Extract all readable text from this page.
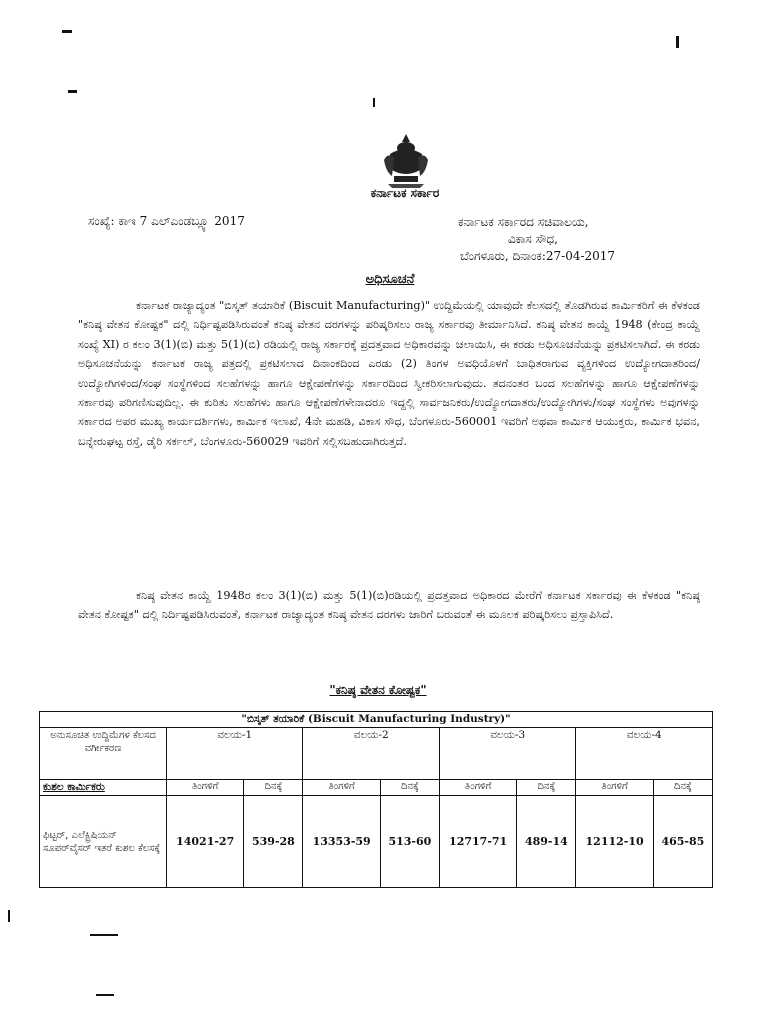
ಕರ್ನಾಟಕ ಸರ್ಕಾರ
ಸಂಖ್ಯೆ: ಕಾಇ 7 ಎಲ್‌ಎಂಡಬ್ಲ್ಯೂ 2017	ಕರ್ನಾಟಕ ಸರ್ಕಾರದ ಸಚಿವಾಲಯ,
ವಿಕಾಸ ಸೌಧ,
ಬೆಂಗಳೂರು, ದಿನಾಂಕ:27-04-2017
ಅಧಿಸೂಚನೆ
ಕರ್ನಾಟಕ ರಾಜ್ಯಾದ್ಯಂತ "ಬಿಸ್ಕತ್ ತಯಾರಿಕೆ (Biscuit Manufacturing)" ಉದ್ದಿಮೆಯಲ್ಲಿ ಯಾವುದೇ ಕೆಲಸದಲ್ಲಿ ತೊಡಗಿರುವ ಕಾರ್ಮಿಕರಿಗೆ ಈ ಕೆಳಕಂಡ "ಕನಿಷ್ಠ ವೇತನ ಕೋಷ್ಟಕ" ದಲ್ಲಿ ನಿರ್ಧಿಷ್ಟಪಡಿಸಿರುವಂತೆ ಕನಿಷ್ಠ ವೇತನ ದರಗಳನ್ನು ಪರಿಷ್ಕರಿಸಲು ರಾಜ್ಯ ಸರ್ಕಾರವು ತೀರ್ಮಾನಿಸಿದೆ. ಕನಿಷ್ಠ ವೇತನ ಕಾಯ್ದೆ 1948 (ಕೇಂದ್ರ ಕಾಯ್ದೆ ಸಂಖ್ಯೆ XI) ರ ಕಲಂ 3(1)(ಬಿ) ಮತ್ತು 5(1)(ಬಿ) ರಡಿಯಲ್ಲಿ ರಾಜ್ಯ ಸರ್ಕಾರಕ್ಕೆ ಪ್ರದತ್ತವಾದ ಅಧಿಕಾರವನ್ನು ಚಲಾಯಿಸಿ, ಈ ಕರಡು ಅಧಿಸೂಚನೆಯನ್ನು ಪ್ರಕಟಿಸಲಾಗಿದೆ. ಈ ಕರಡು ಅಧಿಸೂಚನೆಯನ್ನು ಕರ್ನಾಟಕ ರಾಜ್ಯ ಪತ್ರದಲ್ಲಿ ಪ್ರಕಟಿಸಲಾದ ದಿನಾಂಕದಿಂದ ಎರಡು (2) ತಿಂಗಳ ಅವಧಿಯೊಳಗೆ ಬಾಧಿತರಾಗುವ ವ್ಯಕ್ತಿಗಳಿಂದ ಉದ್ಯೋಗದಾತರಿಂದ/ಉದ್ಯೋಗಿಗಳಿಂದ/ಸಂಘ ಸಂಸ್ಥೆಗಳಿಂದ ಸಲಹೆಗಳನ್ನು ಹಾಗೂ ಆಕ್ಷೇಪಣೆಗಳನ್ನು ಸರ್ಕಾರದಿಂದ ಸ್ವೀಕರಿಸಲಾಗುವುದು. ತದನಂತರ ಬಂದ ಸಲಹೆಗಳನ್ನು ಹಾಗೂ ಆಕ್ಷೇಪಣೆಗಳನ್ನು ಸರ್ಕಾರವು ಪರಿಗಣಿಸುವುದಿಲ್ಲ. ಈ ಕುರಿತು ಸಲಹೆಗಳು ಹಾಗೂ ಆಕ್ಷೇಪಣೆಗಳೇನಾದರೂ ಇದ್ದಲ್ಲಿ ಸಾರ್ವಜನಿಕರು/ಉದ್ಯೋಗದಾತರು/ಉದ್ಯೋಗಿಗಳು/ಸಂಘ ಸಂಸ್ಥೆಗಳು ಅವುಗಳನ್ನು ಸರ್ಕಾರದ ಅಪರ ಮುಖ್ಯ ಕಾರ್ಯದರ್ಶಿಗಳು, ಕಾರ್ಮಿಕ ಇಲಾಖೆ, 4ನೇ ಮಹಡಿ, ವಿಕಾಸ ಸೌಧ, ಬೆಂಗಳೂರು-560001 ಇವರಿಗೆ ಅಥವಾ ಕಾರ್ಮಿಕ ಆಯುಕ್ತರು, ಕಾರ್ಮಿಕ ಭವನ, ಬನ್ನೇರುಘಟ್ಟ ರಸ್ತೆ, ಡೈರಿ ಸರ್ಕಲ್, ಬೆಂಗಳೂರು-560029 ಇವರಿಗೆ ಸಲ್ಲಿಸಬಹುದಾಗಿರುತ್ತದೆ.
ಕನಿಷ್ಠ ವೇತನ ಕಾಯ್ದೆ 1948ರ ಕಲಂ 3(1)(ಬಿ) ಮತ್ತು 5(1)(ಬಿ)ರಡಿಯಲ್ಲಿ ಪ್ರದತ್ತವಾದ ಅಧಿಕಾರದ ಮೇರೆಗೆ ಕರ್ನಾಟಕ ಸರ್ಕಾರವು ಈ ಕೆಳಕಂಡ "ಕನಿಷ್ಠ ವೇತನ ಕೋಷ್ಟಕ" ದಲ್ಲಿ ನಿರ್ದಿಷ್ಟಪಡಿಸಿರುವಂತೆ, ಕರ್ನಾಟಕ ರಾಜ್ಯಾದ್ಯಂತ ಕನಿಷ್ಠ ವೇತನ ದರಗಳು ಜಾರಿಗೆ ಬರುವಂತೆ ಈ ಮೂಲಕ ಪರಿಷ್ಕರಿಸಲು ಪ್ರಸ್ತಾಪಿಸಿದೆ.
"ಕನಿಷ್ಠ ವೇತನ ಕೋಷ್ಟಕ"
"ಬಿಸ್ಕತ್ ತಯಾರಿಕೆ (Biscuit Manufacturing Industry)"								
ಅನುಸೂಚಿತ ಉದ್ದಿಮೆಗಳ ಕೆಲಸದ ವರ್ಗೀಕರಣ	ವಲಯ-1		ವಲಯ-2		ವಲಯ-3		ವಲಯ-4	
ಕುಶಲ ಕಾರ್ಮಿಕರು	ತಿಂಗಳಿಗೆ	ದಿನಕ್ಕೆ	ತಿಂಗಳಿಗೆ	ದಿನಕ್ಕೆ	ತಿಂಗಳಿಗೆ	ದಿನಕ್ಕೆ	ತಿಂಗಳಿಗೆ	ದಿನಕ್ಕೆ
ಫಿಟ್ಟರ್, ಎಲೆಕ್ಟ್ರಿಷಿಯನ್ ಸೂಪರ್‌ವೈಸರ್ ಇತರೆ ಕುಶಲ ಕೆಲಸಕ್ಕೆ	14021-27	539-28	13353-59	513-60	12717-71	489-14	12112-10	465-85
